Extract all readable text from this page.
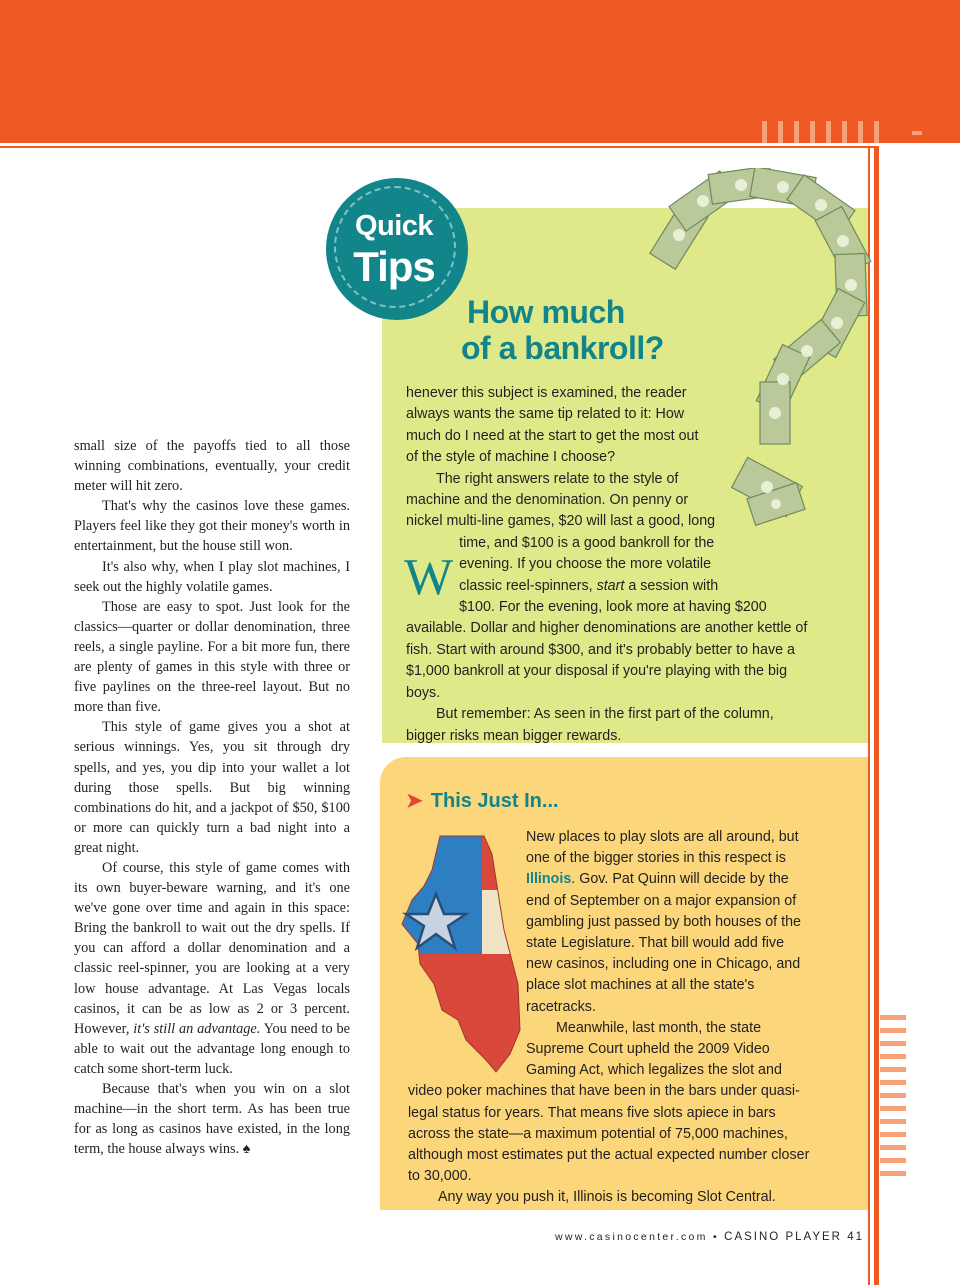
small size of the payoffs tied to all those winning combinations, eventually, your credit meter will hit zero.

That's why the casinos love these games. Players feel like they got their money's worth in entertainment, but the house still won.

It's also why, when I play slot machines, I seek out the highly volatile games.

Those are easy to spot. Just look for the classics—quarter or dollar denomination, three reels, a single payline. For a bit more fun, there are plenty of games in this style with three or five paylines on the three-reel layout. But no more than five.

This style of game gives you a shot at serious winnings. Yes, you sit through dry spells, and yes, you dip into your wallet a lot during those spells. But big winning combinations do hit, and a jackpot of $50, $100 or more can quickly turn a bad night into a great night.

Of course, this style of game comes with its own buyer-beware warning, and it's one we've gone over time and again in this space: Bring the bankroll to wait out the dry spells. If you can afford a dollar denomination and a classic reel-spinner, you are looking at a very low house advantage. At Las Vegas locals casinos, it can be as low as 2 or 3 percent. However, it's still an advantage. You need to be able to wait out the advantage long enough to catch some short-term luck.

Because that's when you win on a slot machine—in the short term. As has been true for as long as casinos have existed, in the long term, the house always wins. ♠

Quick
Tips
How much
of a bankroll?

W
henever this subject is examined, the reader always wants the same tip related to it: How much do I need at the start to get the most out of the style of machine I choose?

The right answers relate to the style of machine and the denomination. On penny or nickel multi-line games, $20 will last a good, long time, and $100 is a good bankroll for the evening. If you choose the more volatile classic reel-spinners, start a session with $100. For the evening, look more at having $200 available. Dollar and higher denominations are another kettle of fish. Start with around $300, and it's probably better to have a $1,000 bankroll at your disposal if you're playing with the big boys.

But remember: As seen in the first part of the column, bigger risks mean bigger rewards.

➤ This Just In...

New places to play slots are all around, but one of the bigger stories in this respect is Illinois. Gov. Pat Quinn will decide by the end of September on a major expansion of gambling just passed by both houses of the state Legislature. That bill would add five new casinos, including one in Chicago, and place slot machines at all the state's racetracks.

Meanwhile, last month, the state Supreme Court upheld the 2009 Video Gaming Act, which legalizes the slot and video poker machines that have been in the bars under quasi-legal status for years. That means five slots apiece in bars across the state—a maximum potential of 75,000 machines, although most estimates put the actual expected number closer to 30,000.

Any way you push it, Illinois is becoming Slot Central.

www.casinocenter.com • CASINO PLAYER 41
